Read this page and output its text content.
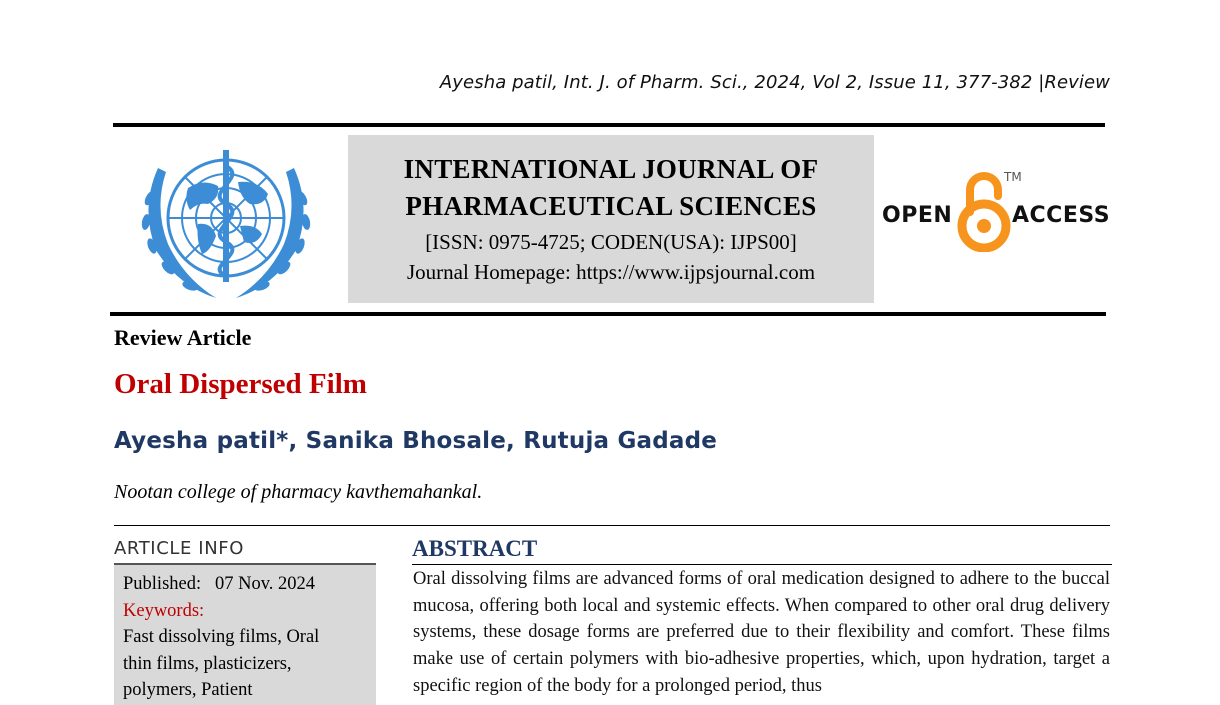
Ayesha patil, Int. J. of Pharm. Sci., 2024, Vol 2, Issue 11, 377-382 |Review
INTERNATIONAL JOURNAL OF
PHARMACEUTICAL SCIENCES
[ISSN: 0975-4725; CODEN(USA): IJPS00]
Journal Homepage: https://www.ijpsjournal.com
OPEN
TM
ACCESS
Review Article
Oral Dispersed Film
Ayesha patil*, Sanika Bhosale, Rutuja Gadade
Nootan college of pharmacy kavthemahankal.
ARTICLE INFO
Published: 07 Nov. 2024
Keywords:
Fast dissolving films, Oral
thin films, plasticizers,
polymers, Patient
ABSTRACT
Oral dissolving films are advanced forms of oral medication designed to adhere to the buccal mucosa, offering both local and systemic effects. When compared to other oral drug delivery systems, these dosage forms are preferred due to their flexibility and comfort. These films make use of certain polymers with bio-adhesive properties, which, upon hydration, target a specific region of the body for a prolonged period, thus
